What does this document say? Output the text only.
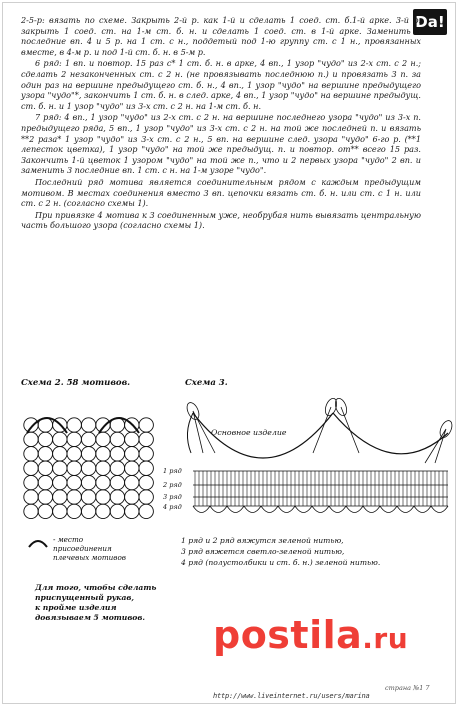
Da!

2-5-р: вязать по схеме. Закрыть 2-й р. как 1-й и сделать 1 соед. ст. б.1-й арке. 3-й р. закрыть 1 соед. ст. на 1-м ст. б. н. и сделать 1 соед. ст. в 1-й арке. Заменить 3 последние вп. 4 и 5 р. на 1 ст. с н., поддетый под 1-ю группу ст. с 1 н., провязанных вместе, в 4-м р. и под 1-й ст. б. н. в 5-м р.

6 ряд: 1 вп. и повтор. 15 раз с* 1 ст. б. н. в арке, 4 вп., 1 узор "чудо" из 2-х ст. с 2 н.; сделать 2 незаконченных ст. с 2 н. (не провязывать последнюю п.) и провязать 3 п. за один раз на вершине предыдущего ст. б. н., 4 вп., 1 узор "чудо" на вершине предыдущего узора "чудо"*, закончить 1 ст. б. н. в след. арке, 4 вп., 1 узор "чудо" на вершине предыдущ. ст. б. н. и 1 узор "чудо" из 3-х ст. с 2 н. на 1-м ст. б. н.

7 ряд: 4 вп., 1 узор "чудо" из 2-х ст. с 2 н. на вершине последнего узора "чудо" из 3-х п. предыдущего ряда, 5 вп., 1 узор "чудо" из 3-х ст. с 2 н. на той же последней п. и вязать **2 раза* 1 узор "чудо" из 3-х ст. с 2 н., 5 вп. на вершине след. узора "чудо" 6-го р. (**1 лепесток цветка), 1 узор "чудо" на той же предыдущ. п. и повтор. от** всего 15 раз. Закончить 1-й цветок 1 узором "чудо" на той же п., что и 2 первых узора "чудо" 2 вп. и заменить 3 последние вп. 1 ст. с н. на 1-м узоре "чудо".

Последний ряд мотива является соединительным рядом с каждым предыдущим мотивом. В местах соединения вместо 3 вп. цепочки вязать ст. б. н. или ст. с 1 н. или ст. с 2 н. (согласно схемы 1).

При привязке 4 мотива к 3 соединенным уже, необрубая нить вывязать центральную часть большого узора (согласно схемы 1).

Схема 2. 58 мотивов.	Схема 3.
- место
присоединения
плечевых мотивов
Для того, чтобы сделать
приспущенный рукав,
к пройме изделия
довязываем 5 мотивов.
Основное изделие
1 ряд
2 ряд
3 ряд
4 ряд
1 ряд и 2 ряд вяжутся зеленой нитью,
3 ряд вяжется светло-зеленой нитью,
4 ряд (полустолбики и ст. б. н.) зеленой нитью.
postila.ru
страна №1 7
http://www.liveinternet.ru/users/marina
